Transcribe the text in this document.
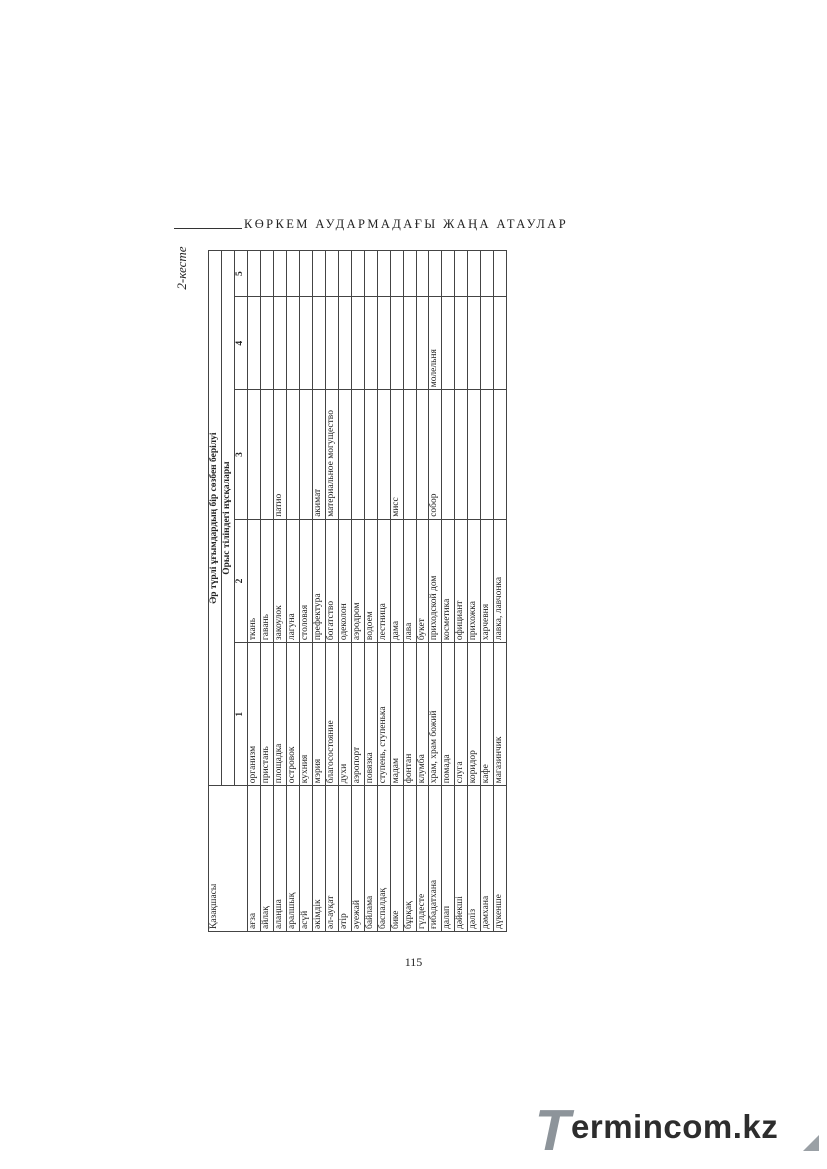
КӨРКЕМ АУДАРМАДАҒЫ ЖАҢА АТАУЛАР
2-кесте
Қазақшасы	Әр түрлі ұғымдардың бір сөзбен берілуі				
	Орыс тіліндегі нұсқалары				
	1	2	3	4	5
ағза	организм	ткань			
айлақ	пристань	гавань			
алаңша	площадка	закоулок	патио		
аралшық	островок	лагуна			
асүй	кухния	столовая			
әкімдік	мэрия	префектура	акимат		
әл-ауқат	благосостояние	богатство	материальное могущество		
әтір	духи	одеколон			
әуежай	аэропорт	аэродром			
байлама	повязка	водоем			
баспалдақ	ступень, ступенька	лестница			
бике	мадам	дама	мисс		
бұрқақ	фонтан	лава			
гүлдесте	клумба	букет			
ғибадатхана	храм, храм божий	приходской дом	собор	молельня	
далап	помада	косметика			
дәйекші	слуга	официант			
дәліз	коридор	прихожка			
дәмхана	кафе	харчевня			
дүкенше	магазинчик	лавка, лавчонка			
115
T
ermincom.kz
